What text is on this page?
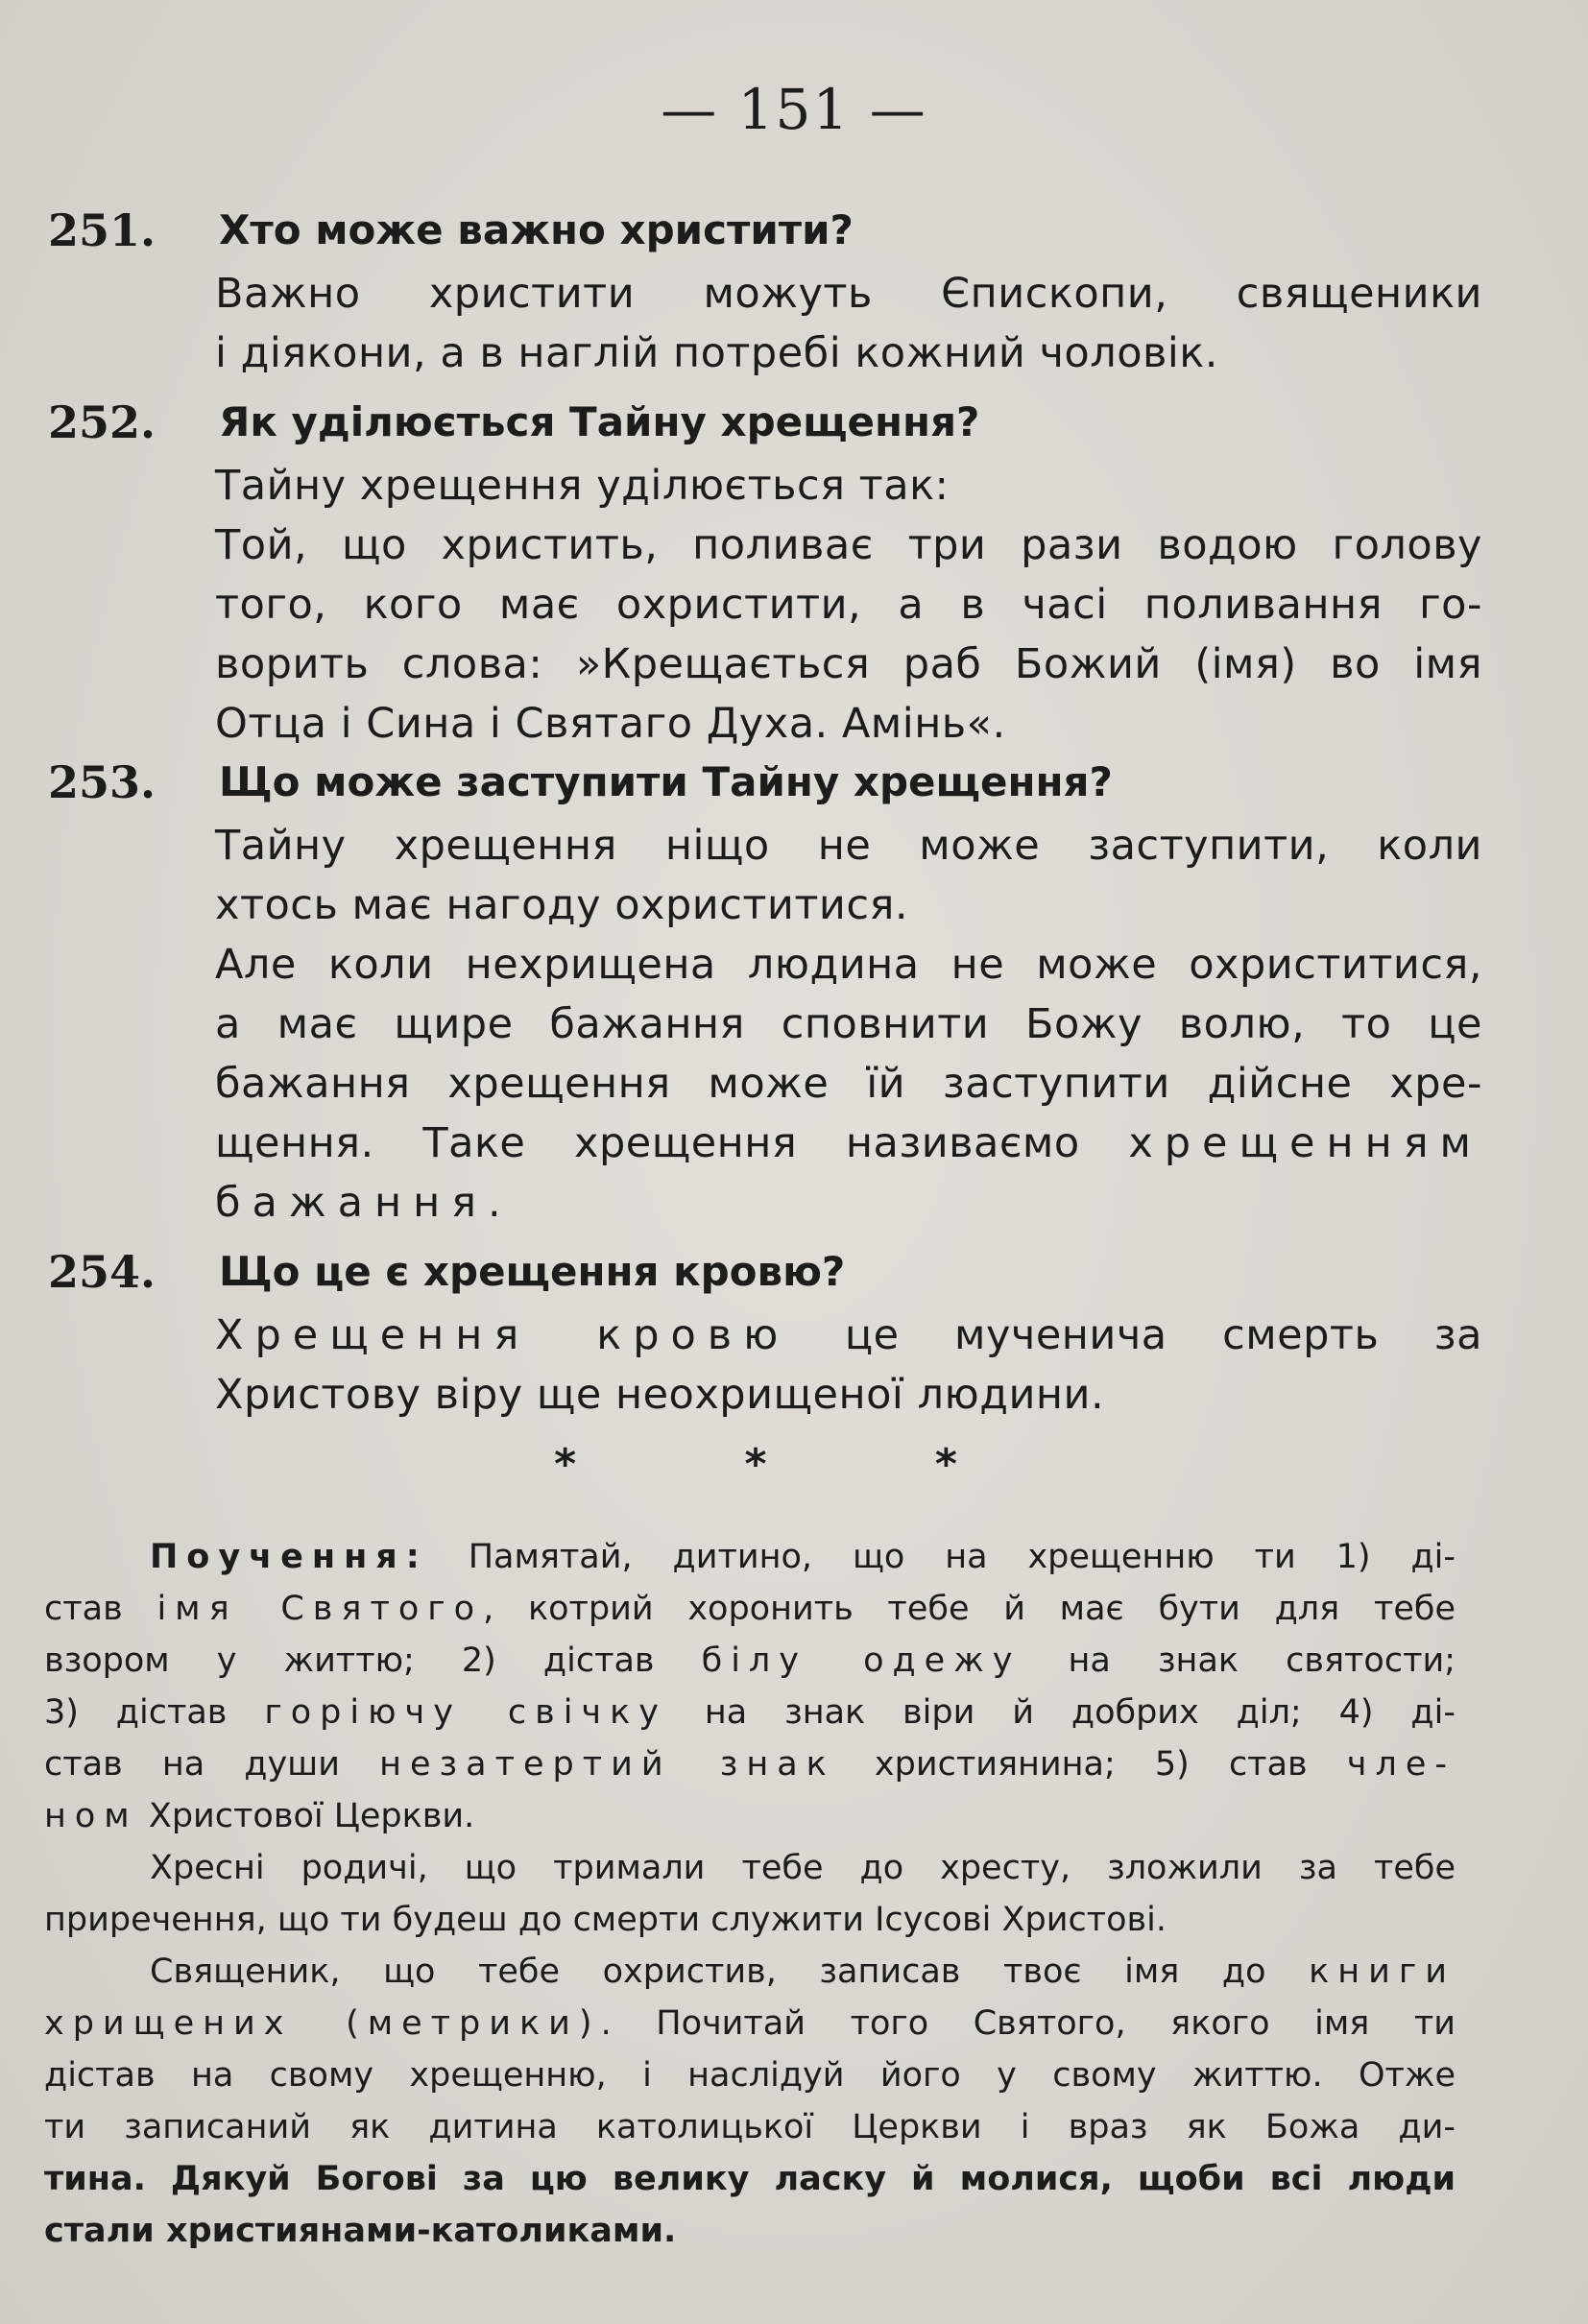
— 151 —
251. Хто може важно христити?
Важно христити можуть Єпископи, священики
і діякони, а в наглій потребі кожний чоловік.
252. Як уділюється Тайну хрещення?
Тайну хрещення уділюється так:
Той, що христить, поливає три рази водою голову
того, кого має охристити, а в часі поливання го-
ворить слова: »Крещається раб Божий (імя) во імя
Отца і Сина і Святаго Духа. Амінь«.
253. Що може заступити Тайну хрещення?
Тайну хрещення ніщо не може заступити, коли
хтось має нагоду охриститися.
Але коли нехрищена людина не може охриститися,
а має щире бажання сповнити Божу волю, то це
бажання хрещення може їй заступити дійсне хре-
щення. Таке хрещення називаємо хрещенням
бажання.
254. Що це є хрещення кровю?
Хрещення кровю це мученича смерть за
Христову віру ще неохрищеної людини.
* * *
Поучення: Памятай, дитино, що на хрещенню ти 1) ді-
став імя Святого, котрий хоронить тебе й має бути для тебе
взором у життю; 2) дістав білу одежу на знак святости;
3) дістав горіючу свічку на знак віри й добрих діл; 4) ді-
став на души незатертий знак християнина; 5) став чле-
ном Христової Церкви.
Хресні родичі, що тримали тебе до хресту, зложили за тебе
приречення, що ти будеш до смерти служити Ісусові Христові.
Священик, що тебе охристив, записав твоє імя до книги
хрищених (метрики). Почитай того Святого, якого імя ти
дістав на свому хрещенню, і наслідуй його у свому життю. Отже
ти записаний як дитина католицької Церкви і враз як Божа ди-
тина. Дякуй Богові за цю велику ласку й молися, щоби всі люди
стали християнами-католиками.
